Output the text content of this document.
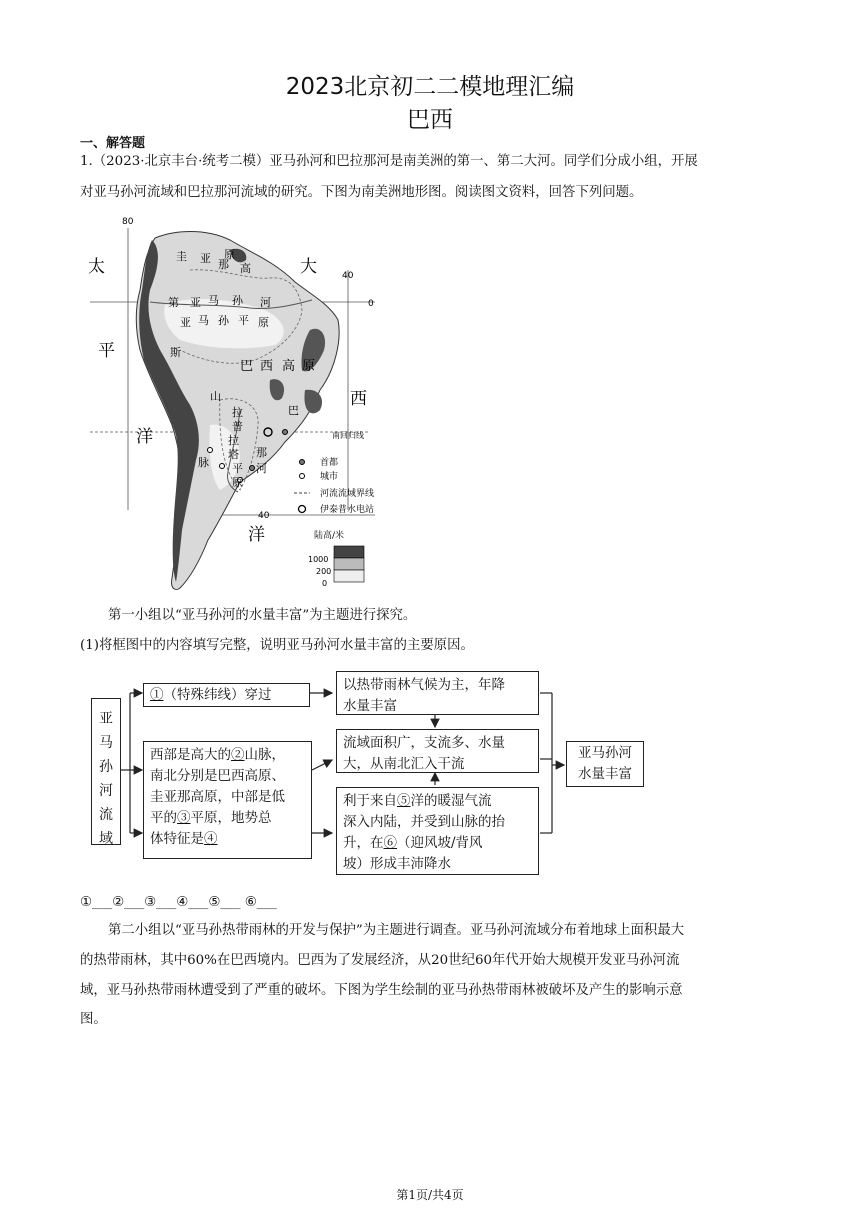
2023北京初二二模地理汇编
巴西
一、解答题
1.（2023·北京丰台·统考二模）亚马孙河和巴拉那河是南美洲的第一、第二大河。同学们分成小组，开展
对亚马孙河流域和巴拉那河流域的研究。下图为南美洲地形图。阅读图文资料，回答下列问题。
80
40
0
40
太	大
平
洋
西
洋
圭 亚 那 高
原
第 亚 马 孙 河
亚 马 孙 平 原
斯
巴 西 高 原
巴
拉
普
拉
塔
平
原
那
河
山
脉
南回归线
首都
城市
河流流域界线
伊泰普水电站
陆高/米
1000
200
0
第一小组以“亚马孙河的水量丰富”为主题进行探究。
(1)将框图中的内容填写完整，说明亚马孙河水量丰富的主要原因。
亚
马
孙
河
流
域
①（特殊纬线）穿过
西部是高大的②山脉，
南北分别是巴西高原、
圭亚那高原，中部是低
平的③平原，地势总
体特征是④
以热带雨林气候为主，年降
水量丰富
流域面积广，支流多、水量
大，从南北汇入干流
利于来自⑤洋的暖湿气流
深入内陆，并受到山脉的抬
升，在⑥（迎风坡/背风
坡）形成丰沛降水
亚马孙河
水量丰富
①___②___③___④___⑤___ ⑥___
第二小组以“亚马孙热带雨林的开发与保护”为主题进行调查。亚马孙河流域分布着地球上面积最大
的热带雨林，其中60%在巴西境内。巴西为了发展经济，从20世纪60年代开始大规模开发亚马孙河流
域，亚马孙热带雨林遭受到了严重的破坏。下图为学生绘制的亚马孙热带雨林被破坏及产生的影响示意
图。
第1页/共4页
